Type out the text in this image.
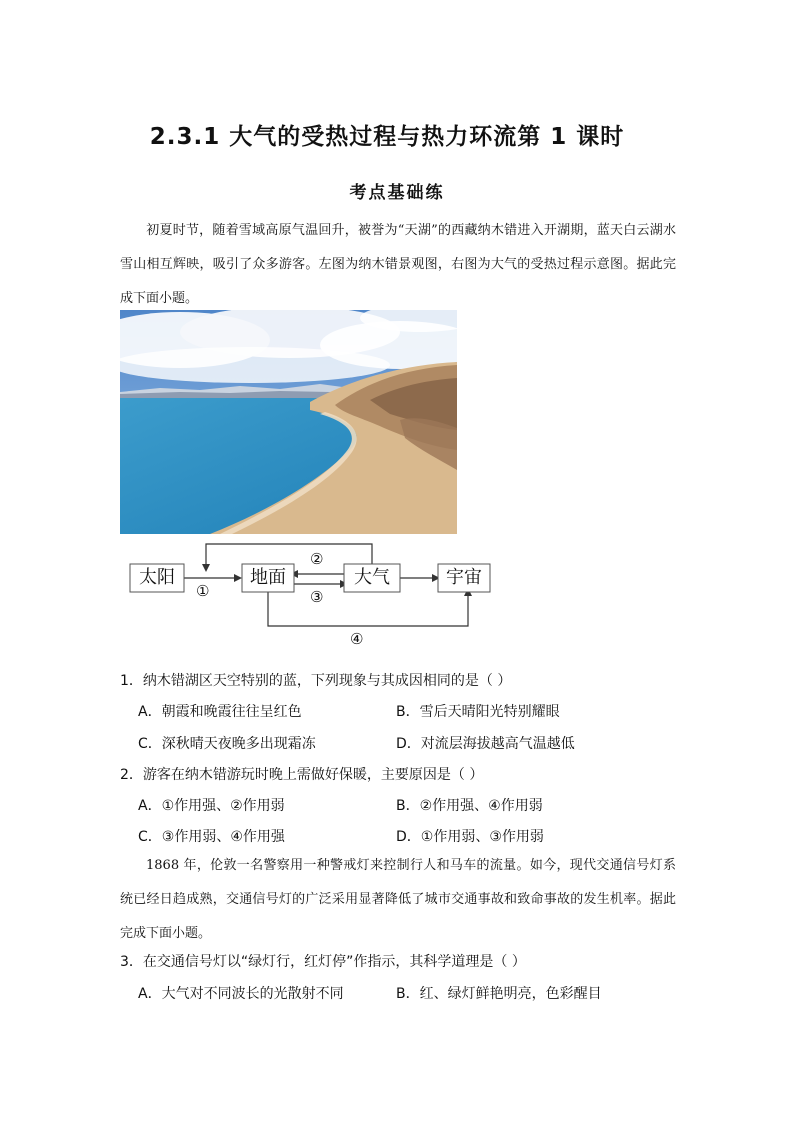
2.3.1 大气的受热过程与热力环流第 1 课时
考点基础练
初夏时节，随着雪域高原气温回升，被誉为“天湖”的西藏纳木错进入开湖期，蓝天白云湖水雪山相互辉映，吸引了众多游客。左图为纳木错景观图，右图为大气的受热过程示意图。据此完成下面小题。
太阳	地面	大气	宇宙
①
②
③
④
1．纳木错湖区天空特别的蓝，下列现象与其成因相同的是（ ）
A．朝霞和晚霞往往呈红色	B．雪后天晴阳光特别耀眼
C．深秋晴天夜晚多出现霜冻	D．对流层海拔越高气温越低
2．游客在纳木错游玩时晚上需做好保暖，主要原因是（ ）
A．①作用强、②作用弱	B．②作用强、④作用弱
C．③作用弱、④作用强	D．①作用弱、③作用弱
1868 年，伦敦一名警察用一种警戒灯来控制行人和马车的流量。如今，现代交通信号灯系统已经日趋成熟，交通信号灯的广泛采用显著降低了城市交通事故和致命事故的发生机率。据此完成下面小题。
3．在交通信号灯以“绿灯行，红灯停”作指示，其科学道理是（ ）
A．大气对不同波长的光散射不同	B．红、绿灯鲜艳明亮，色彩醒目
